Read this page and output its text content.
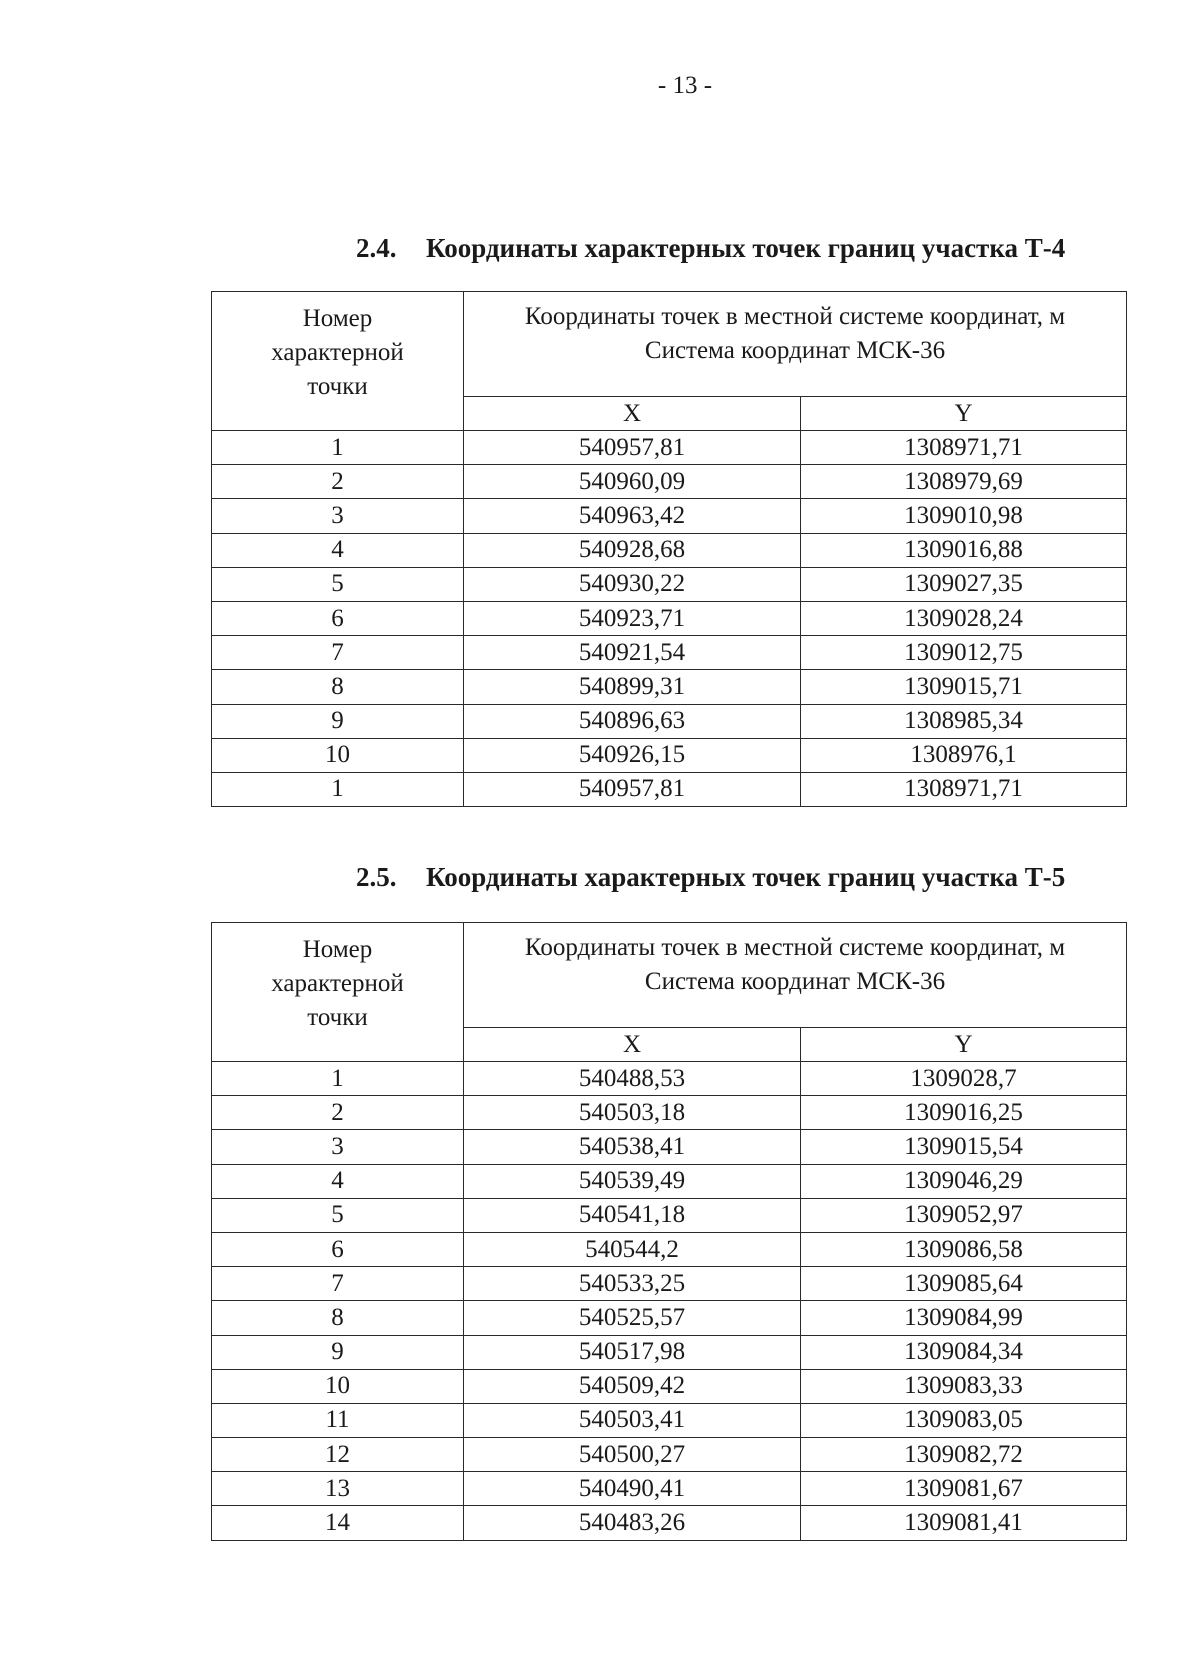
- 13 -
2.4. Координаты характерных точек границ участка Т-4
Номер
характерной
точки	Координаты точек в местной системе координат, м
Система координат МСК-36	

	X	Y
1	540957,81	1308971,71
2	540960,09	1308979,69
3	540963,42	1309010,98
4	540928,68	1309016,88
5	540930,22	1309027,35
6	540923,71	1309028,24
7	540921,54	1309012,75
8	540899,31	1309015,71
9	540896,63	1308985,34
10	540926,15	1308976,1
1	540957,81	1308971,71
2.5. Координаты характерных точек границ участка Т-5
Номер
характерной
точки	Координаты точек в местной системе координат, м
Система координат МСК-36	

	X	Y
1	540488,53	1309028,7
2	540503,18	1309016,25
3	540538,41	1309015,54
4	540539,49	1309046,29
5	540541,18	1309052,97
6	540544,2	1309086,58
7	540533,25	1309085,64
8	540525,57	1309084,99
9	540517,98	1309084,34
10	540509,42	1309083,33
11	540503,41	1309083,05
12	540500,27	1309082,72
13	540490,41	1309081,67
14	540483,26	1309081,41
